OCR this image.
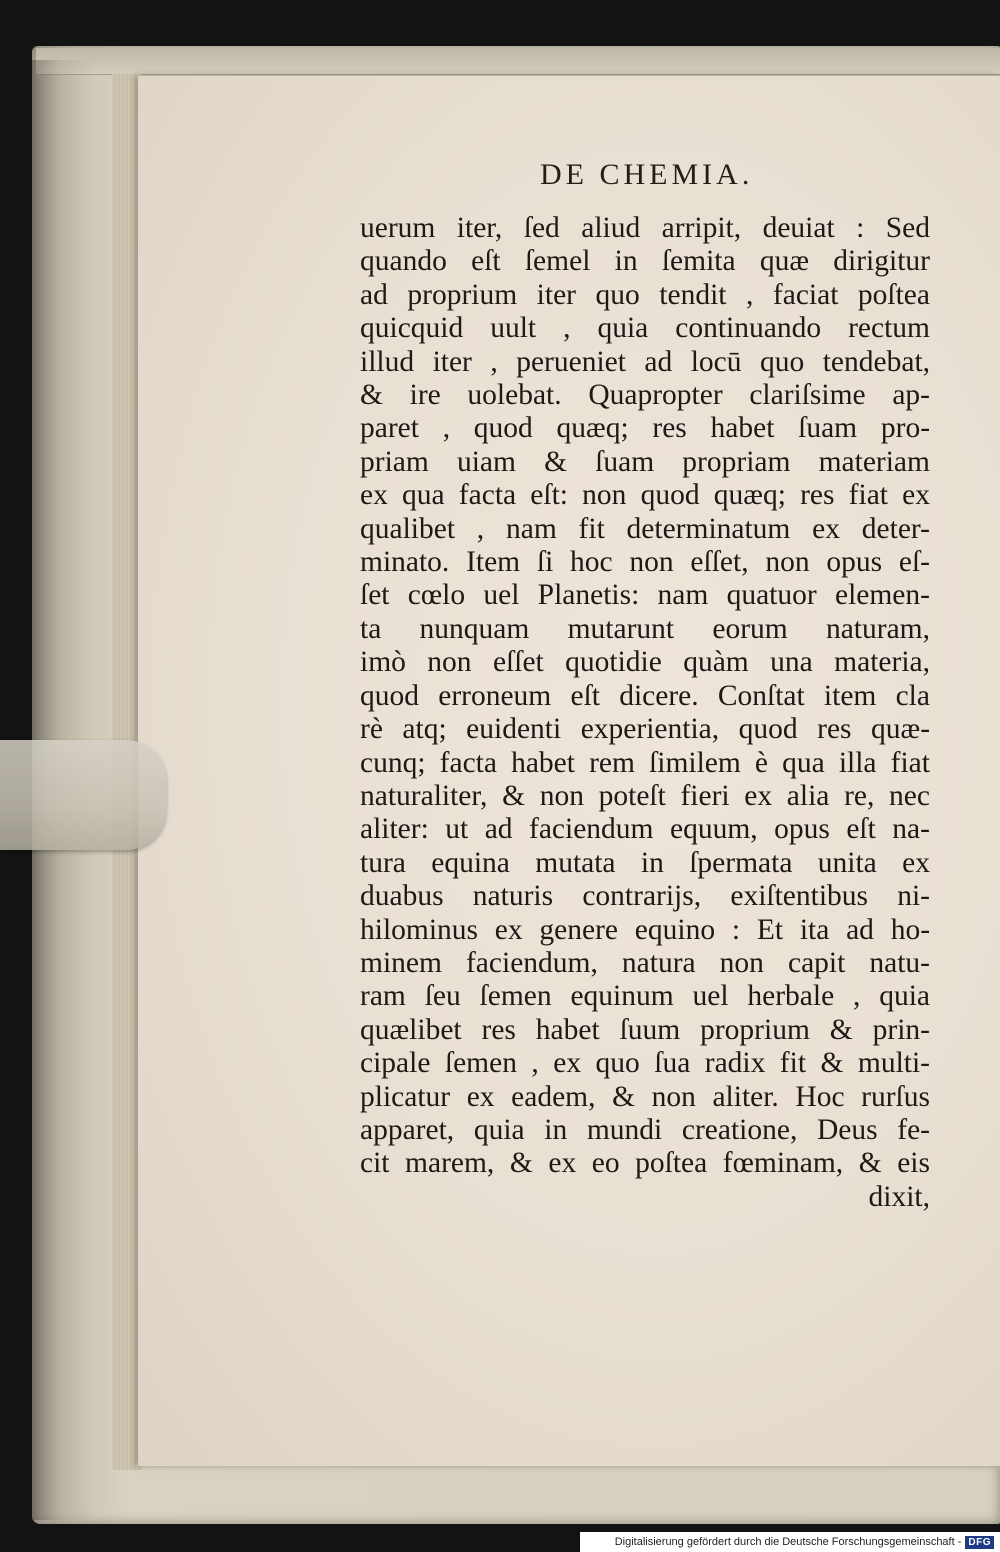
DE CHEMIA.
uerum iter, ſed aliud arripit, deuiat : Sed
quando eſt ſemel in ſemita quæ dirigitur
ad proprium iter quo tendit , faciat poſtea
quicquid uult , quia continuando rectum
illud iter , perueniet ad locū quo tendebat,
& ire uolebat. Quapropter clariſsime ap-
paret , quod quæq; res habet ſuam pro-
priam uiam & ſuam propriam materiam
ex qua facta eſt: non quod quæq; res fiat ex
qualibet , nam fit determinatum ex deter-
minato. Item ſi hoc non eſſet, non opus eſ-
ſet cœlo uel Planetis: nam quatuor elemen-
ta nunquam mutarunt eorum naturam,
imò non eſſet quotidie quàm una materia,
quod erroneum eſt dicere. Conſtat item cla
rè atq; euidenti experientia, quod res quæ-
cunq; facta habet rem ſimilem è qua illa fiat
naturaliter, & non poteſt fieri ex alia re, nec
aliter: ut ad faciendum equum, opus eſt na-
tura equina mutata in ſpermata unita ex
duabus naturis contrarijs, exiſtentibus ni-
hilominus ex genere equino : Et ita ad ho-
minem faciendum, natura non capit natu-
ram ſeu ſemen equinum uel herbale , quia
quælibet res habet ſuum proprium & prin-
cipale ſemen , ex quo ſua radix fit & multi-
plicatur ex eadem, & non aliter. Hoc rurſus
apparet, quia in mundi creatione, Deus fe-
cit marem, & ex eo poſtea fœminam, & eis
dixit,
Digitalisierung gefördert durch die Deutsche Forschungsgemeinschaft - DFG
